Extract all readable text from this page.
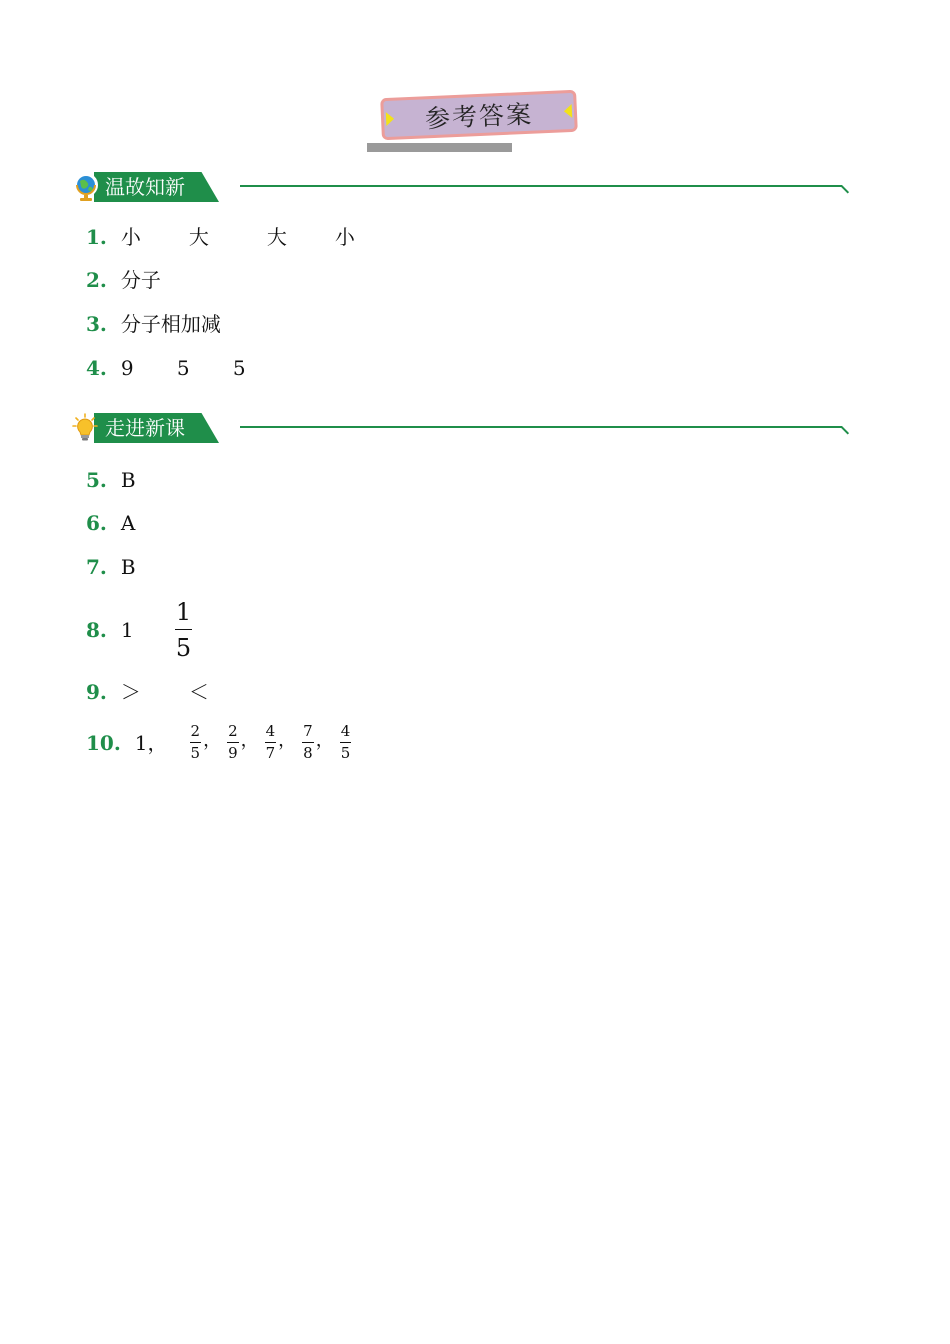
参考答案
温故知新
1. 小	大	大	小
2. 分子
3. 分子相加减
4. 9	5	5
走进新课
5. B
6. A
7. B
8. 1	$\frac{1}{5}$
9. ＞	＜
10. 1， $\frac{2}{5}$ ， $\frac{2}{9}$ ， $\frac{4}{7}$ ， $\frac{7}{8}$ ， $\frac{4}{5}$
